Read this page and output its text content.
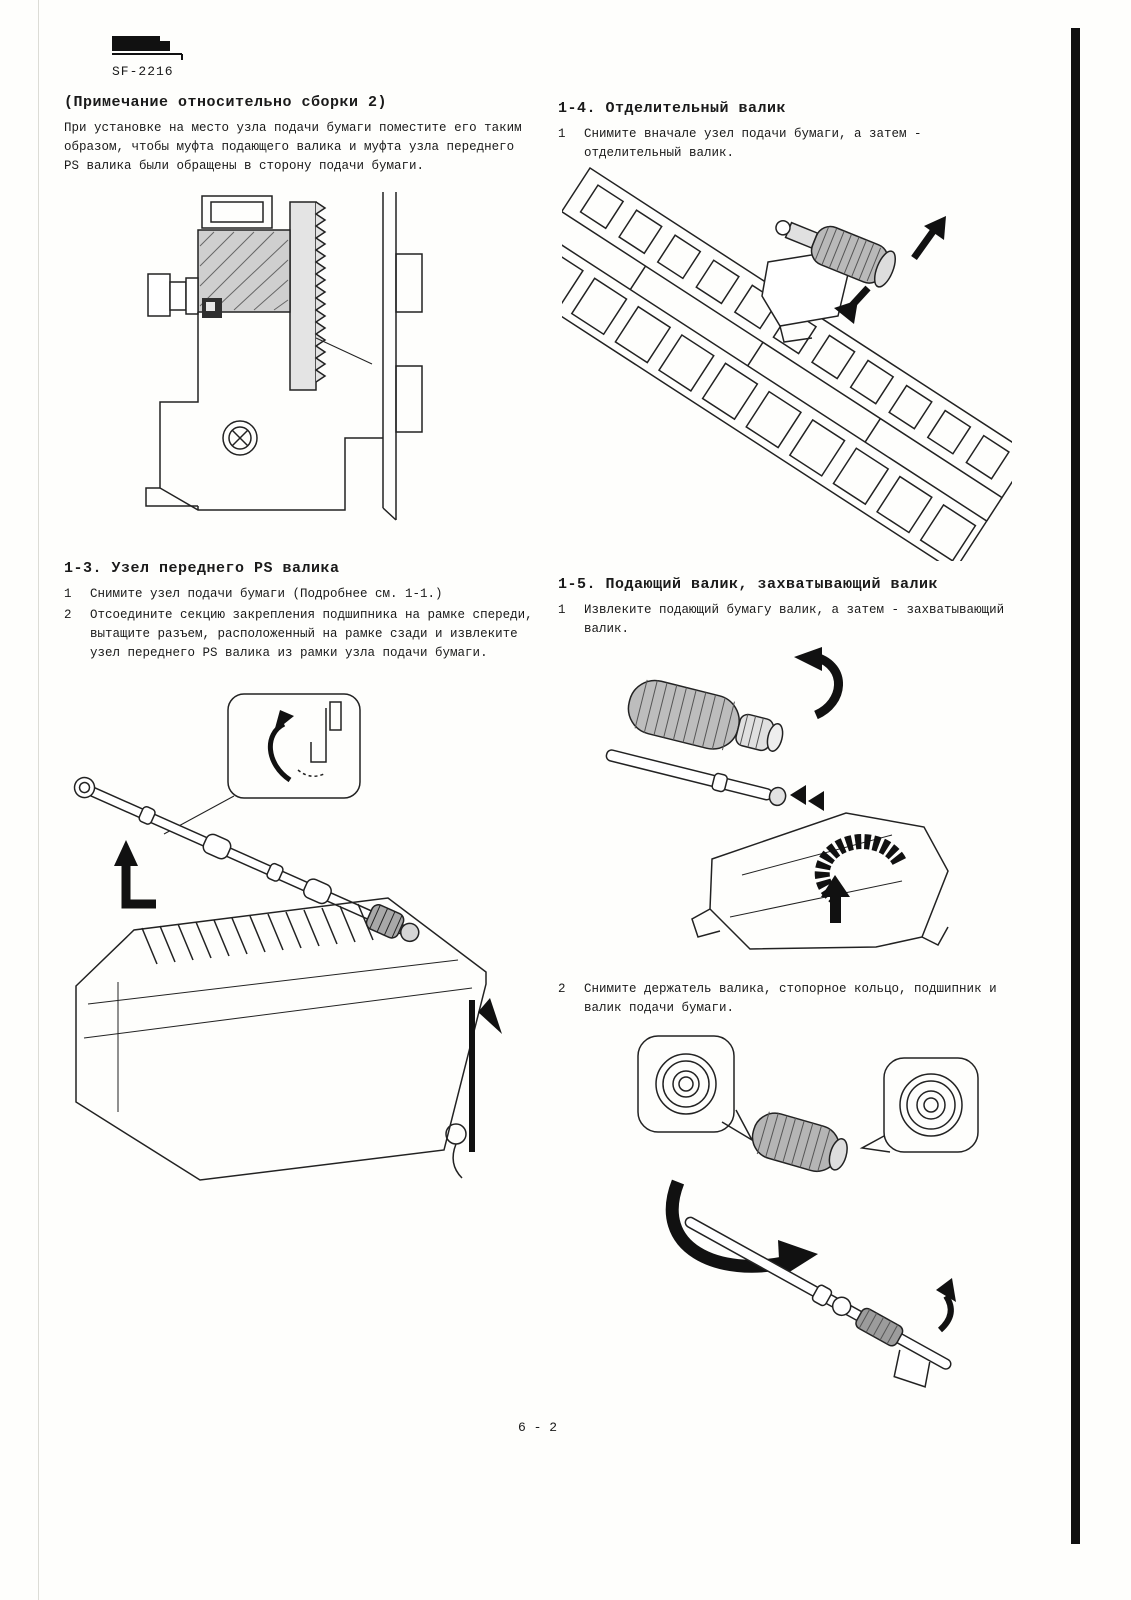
SF-2216
(Примечание относительно сборки 2)

При установке на место узла подачи бумаги поместите его таким образом, чтобы муфта подающего валика и муфта узла переднего PS валика были обращены в сторону подачи бумаги.

1-3. Узел переднего PS валика
1	Снимите узел подачи бумаги (Подробнее см. 1-1.)
2	Отсоедините секцию закрепления подшипника на рамке спереди, вытащите разъем, расположенный на рамке сзади и извлеките узел переднего PS валика из рамки узла подачи бумаги.
1-4. Отделительный валик
1	Снимите вначале узел подачи бумаги, а затем - отделительный валик.
1-5. Подающий валик, захватывающий валик
1	Извлеките подающий бумагу валик, а затем - захватывающий валик.
2	Снимите держатель валика, стопорное кольцо, подшипник и валик подачи бумаги.
6 - 2
